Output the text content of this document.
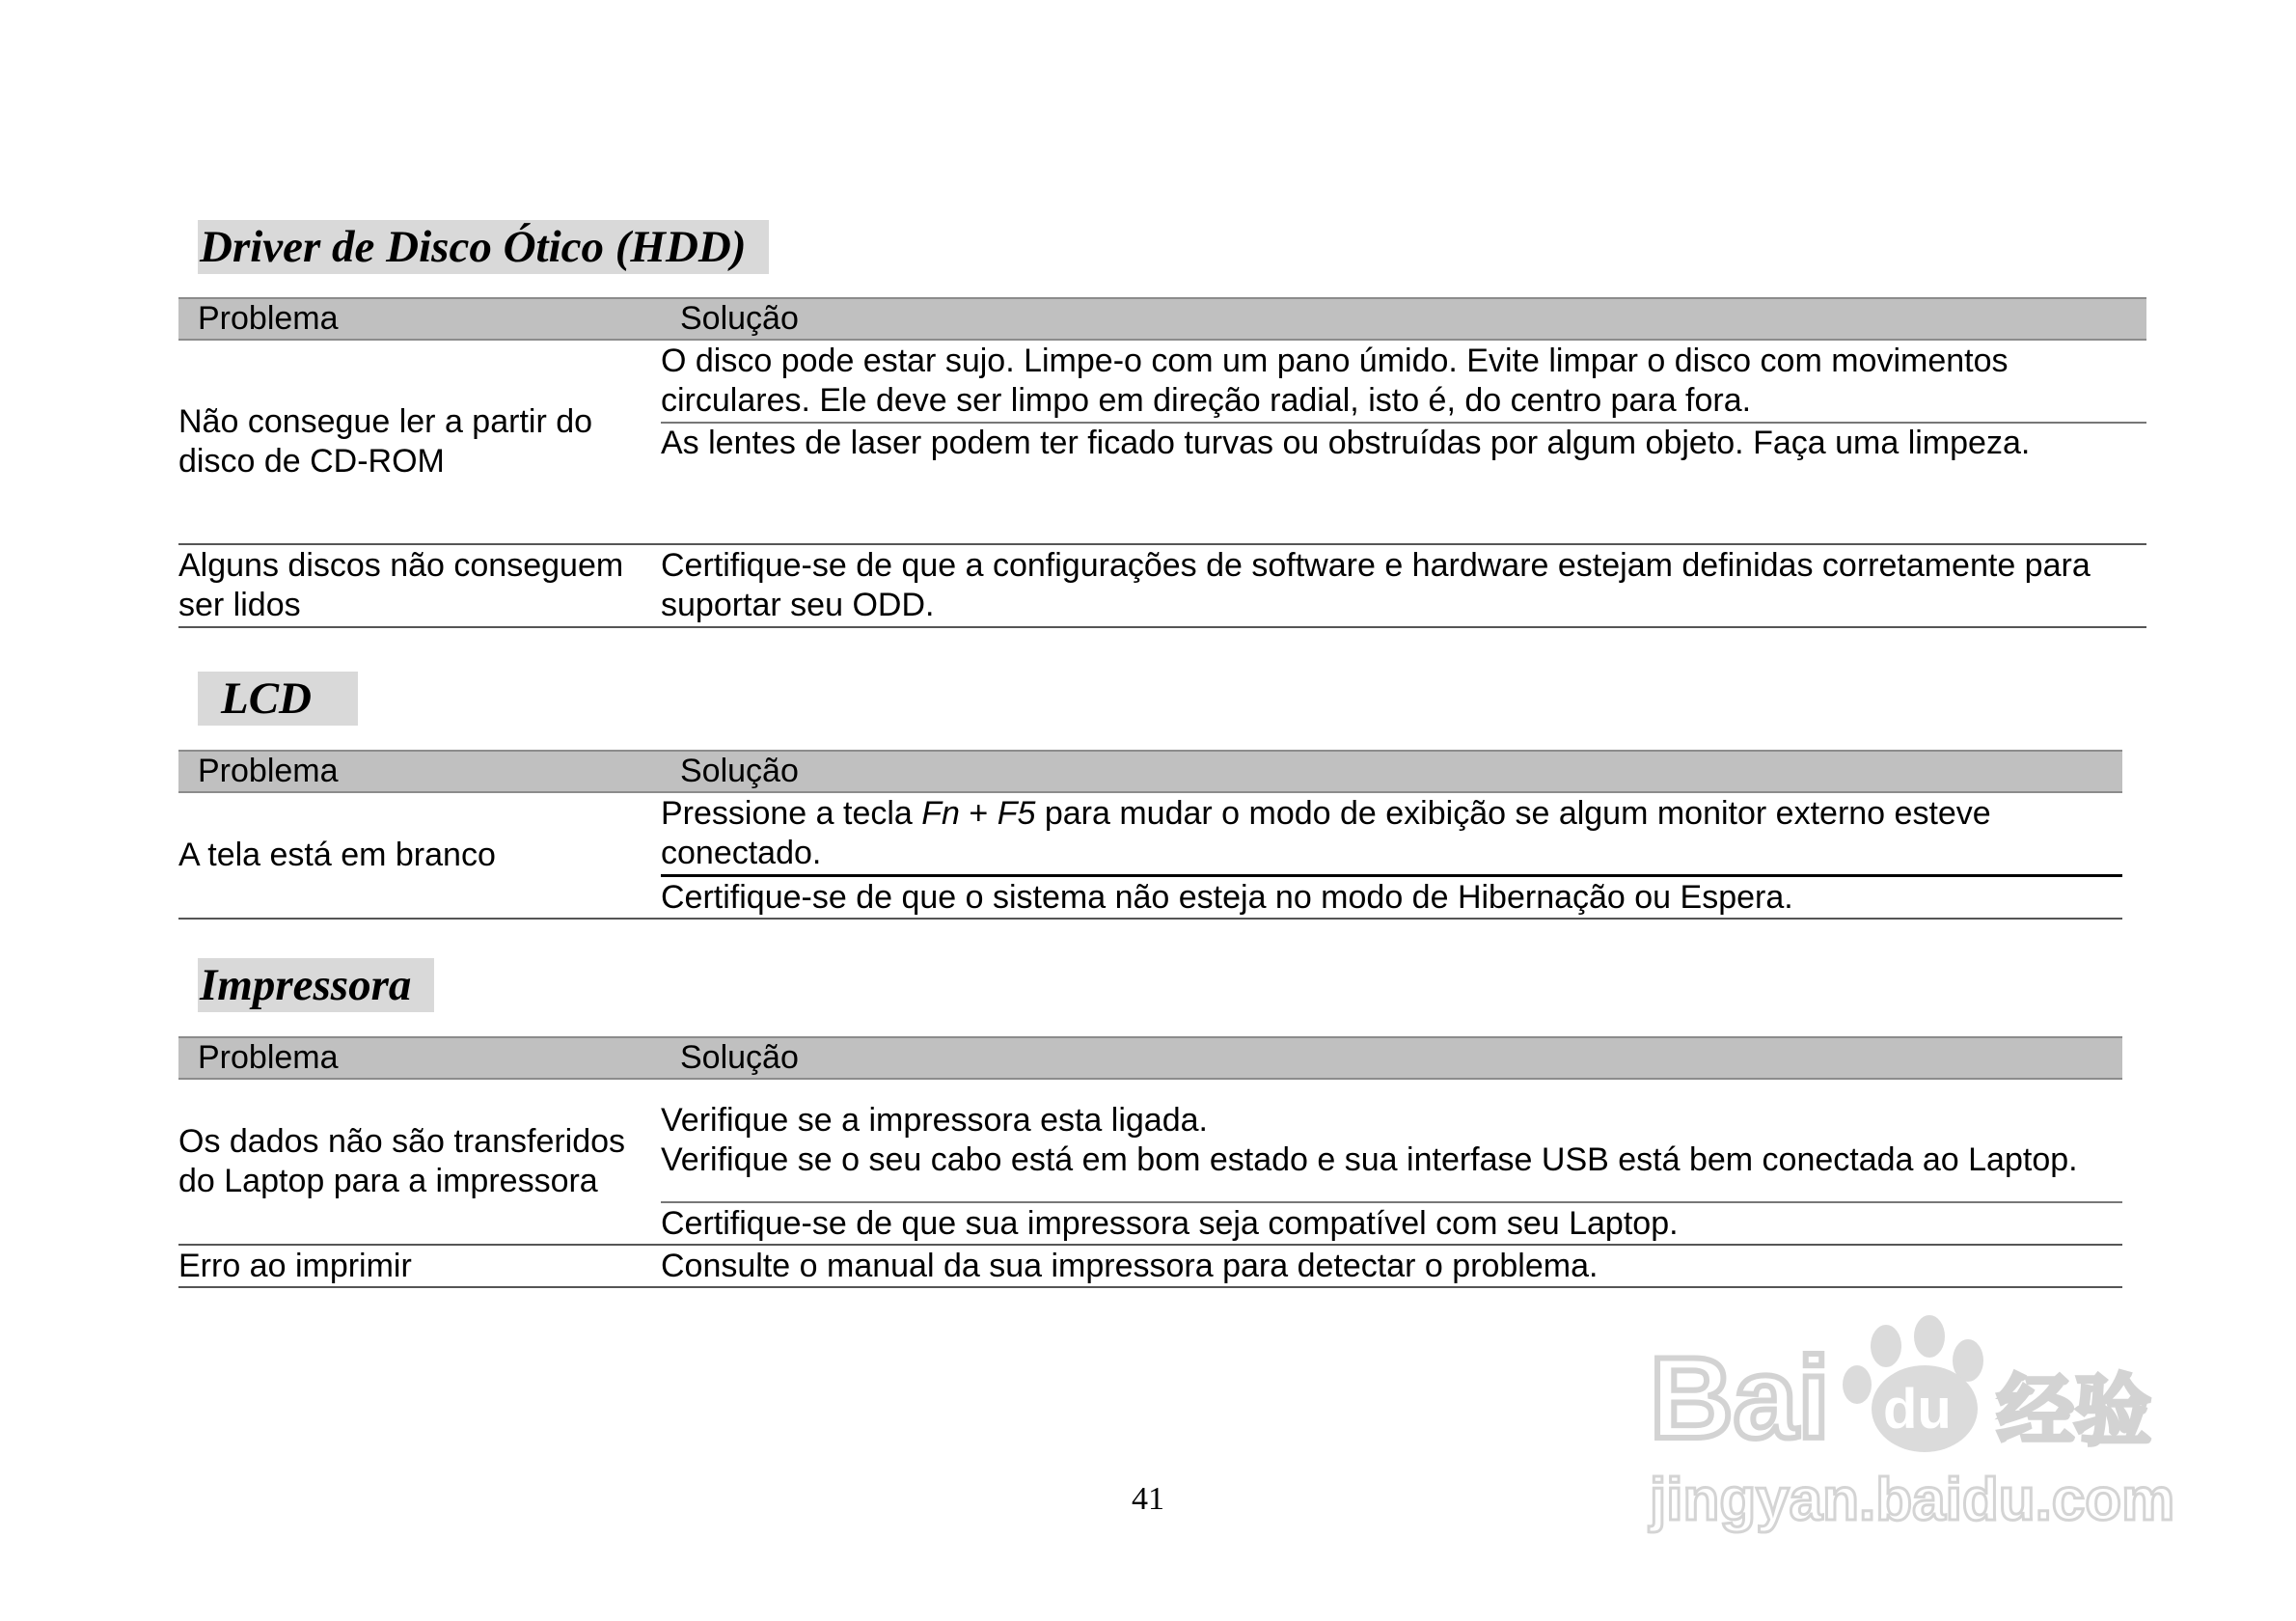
Driver de Disco Ótico (HDD)
Problema	Solução
Não consegue ler a partir do disco de CD-ROM	O disco pode estar sujo. Limpe-o com um pano úmido. Evite limpar o disco com movimentos circulares. Ele deve ser limpo em direção radial, isto é, do centro para fora.
	As lentes de laser podem ter ficado turvas ou obstruídas por algum objeto. Faça uma limpeza.
Alguns discos não conseguem ser lidos	Certifique-se de que a configurações de software e hardware estejam definidas corretamente para suportar seu ODD.
LCD
Problema	Solução
A tela está em branco	Pressione a tecla Fn + F5 para mudar o modo de exibição se algum monitor externo esteve conectado.
	Certifique-se de que o sistema não esteja no modo de Hibernação ou Espera.
Impressora
Problema	Solução
Os dados não são transferidos do Laptop para a impressora	Verifique se a impressora esta ligada.
Verifique se o seu cabo está em bom estado e sua interfase USB está bem conectada ao Laptop.

	Certifique-se de que sua impressora seja compatível com seu Laptop.
Erro ao imprimir	Consulte o manual da sua impressora para detectar o problema.
41
Bai du 经验
jingyan.baidu.com
